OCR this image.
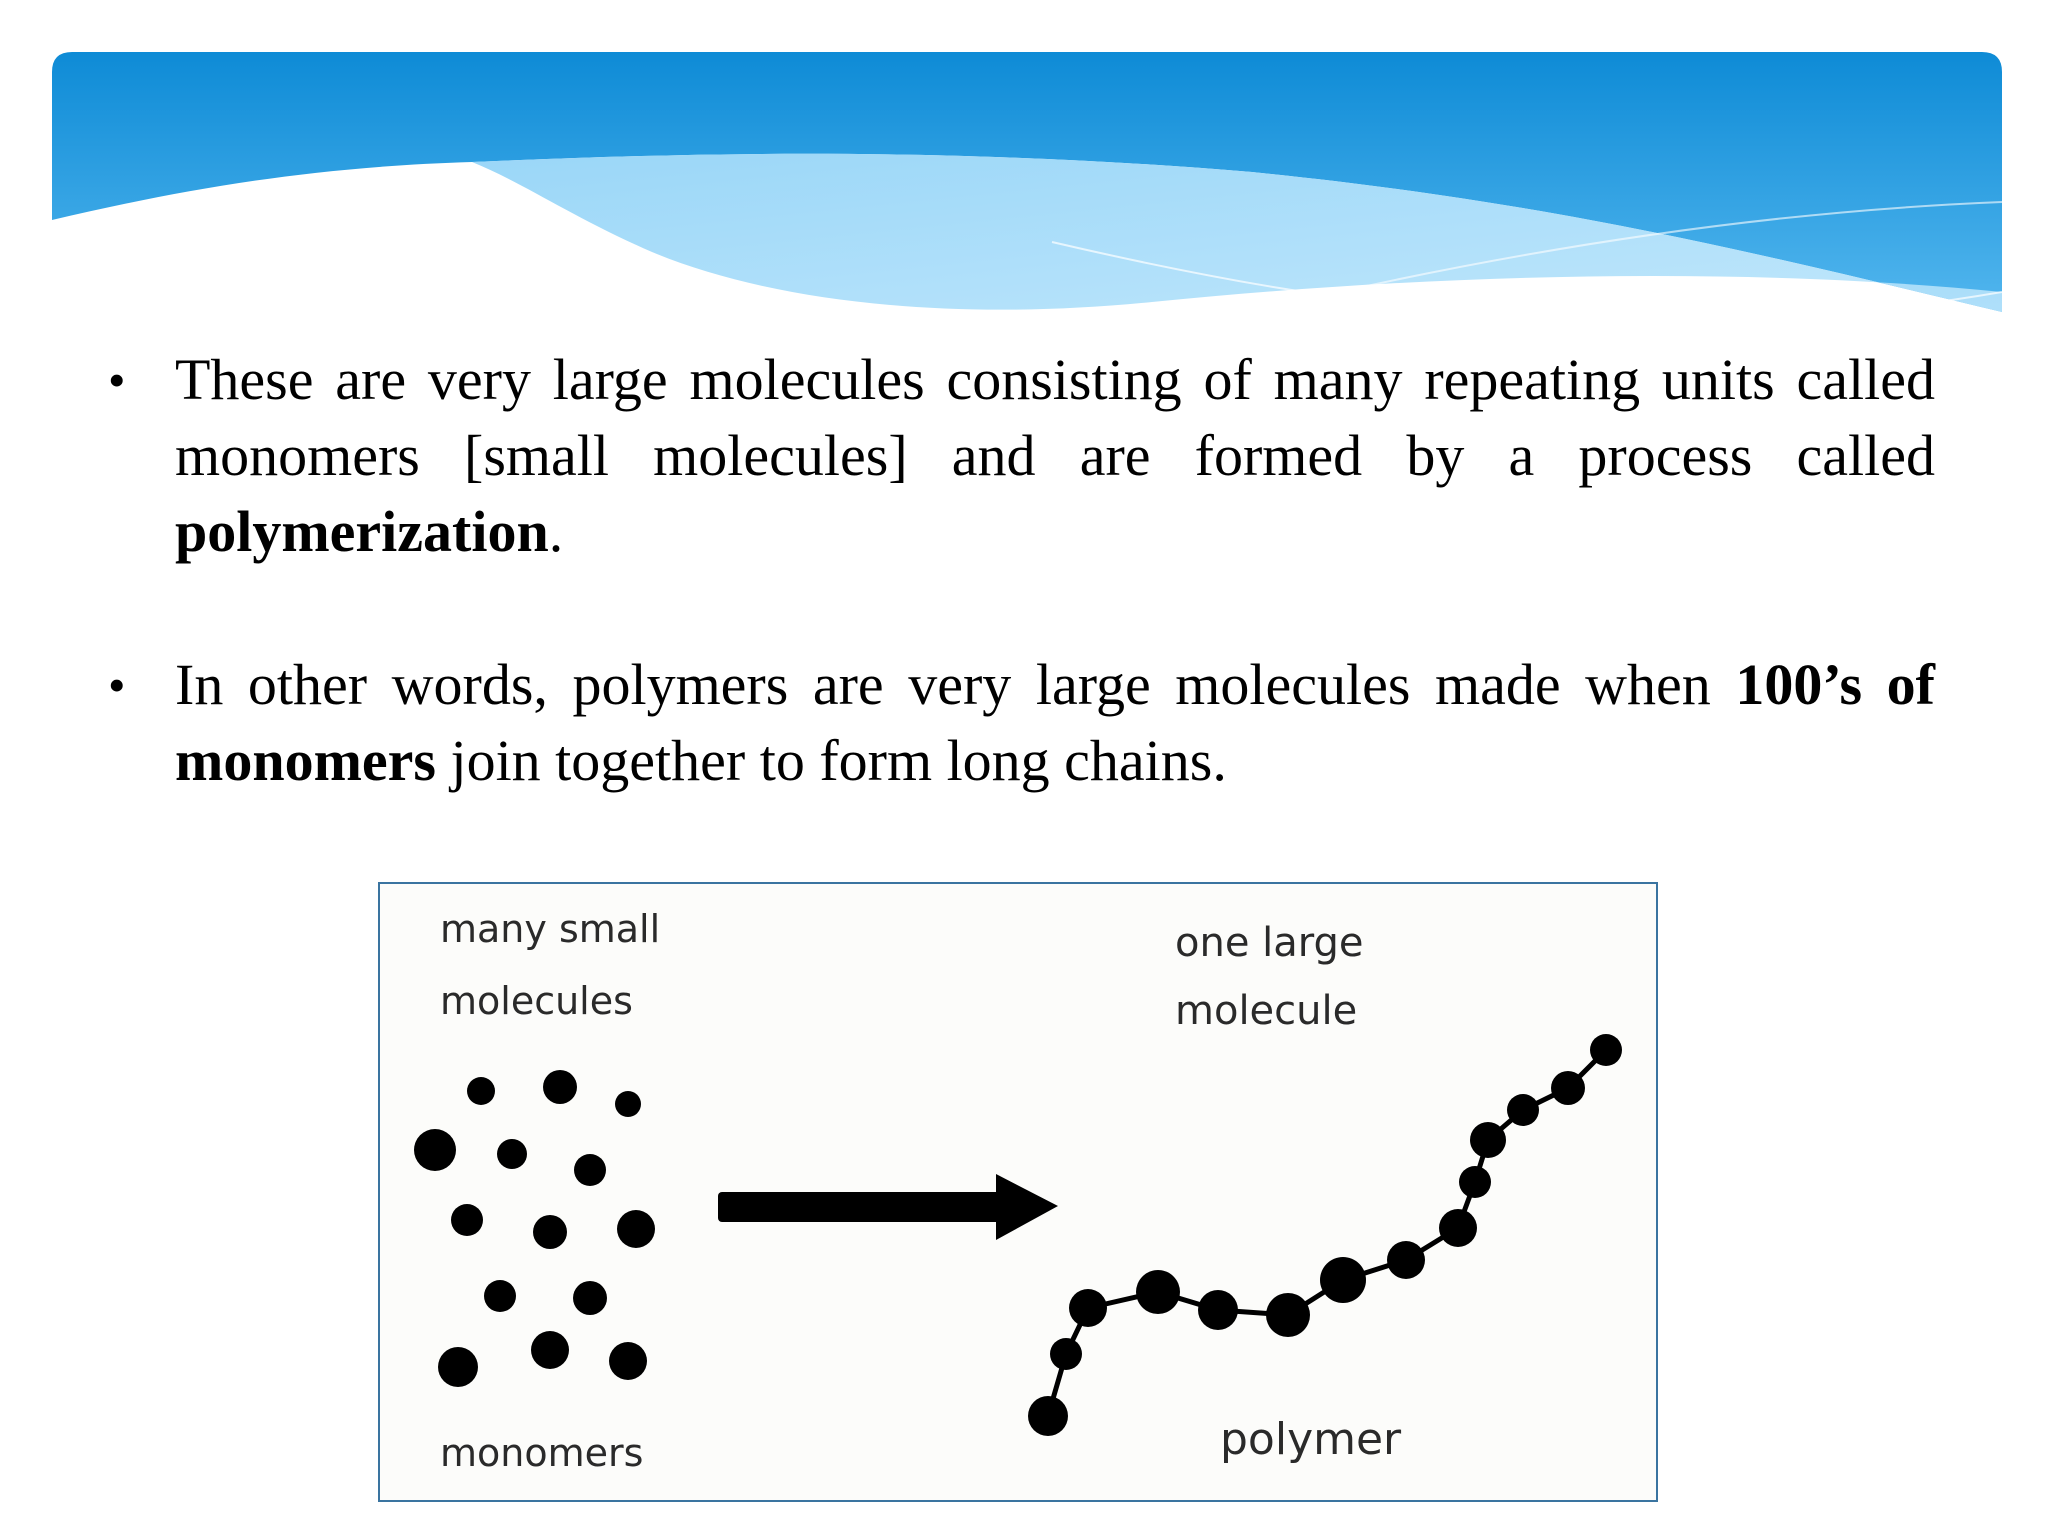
• These are very large molecules consisting of many repeating units called monomers [small molecules] and are formed by a process called polymerization.
• In other words, polymers are very large molecules made when 100’s of monomers join together to form long chains.
many small
molecules
monomers
one large
molecule
polymer
